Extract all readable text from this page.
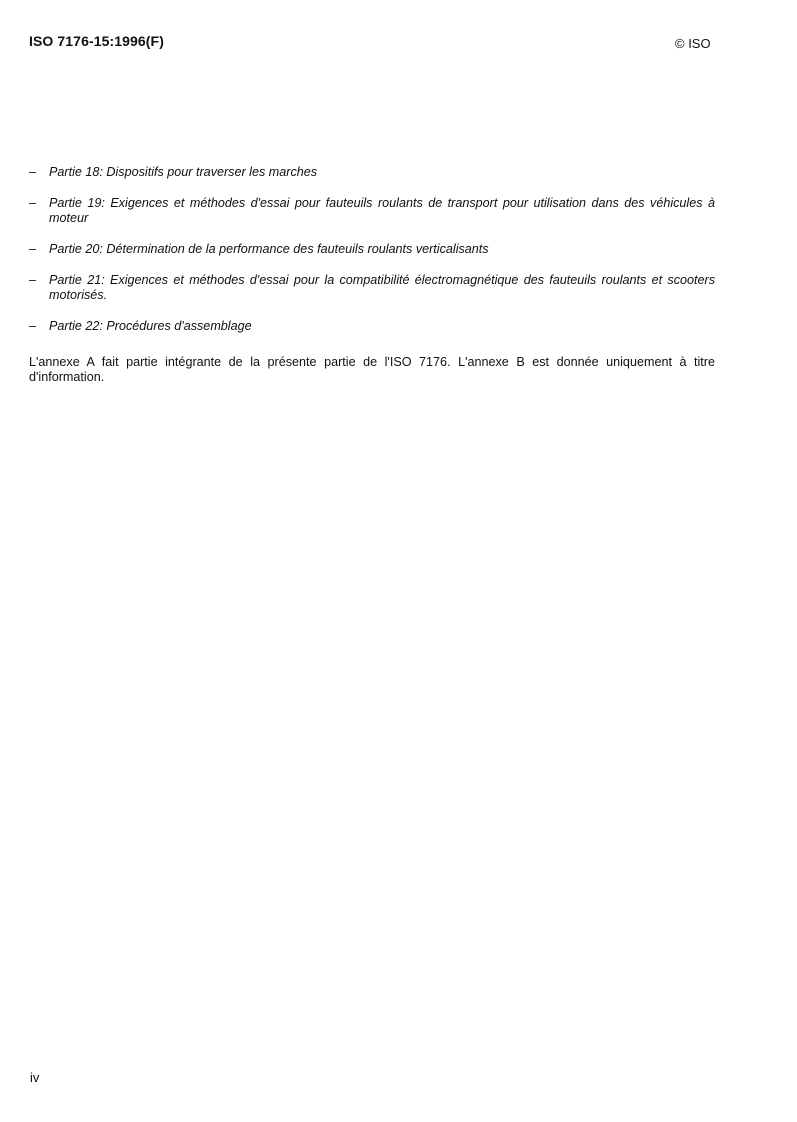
ISO 7176-15:1996(F)	© ISO
– Partie 18: Dispositifs pour traverser les marches
– Partie 19: Exigences et méthodes d'essai pour fauteuils roulants de transport pour utilisation dans des véhicules à moteur
– Partie 20: Détermination de la performance des fauteuils roulants verticalisants
– Partie 21: Exigences et méthodes d'essai pour la compatibilité électromagnétique des fauteuils roulants et scooters motorisés.
– Partie 22: Procédures d'assemblage

L'annexe A fait partie intégrante de la présente partie de l'ISO 7176. L'annexe B est donnée uniquement à titre d'information.

iv
